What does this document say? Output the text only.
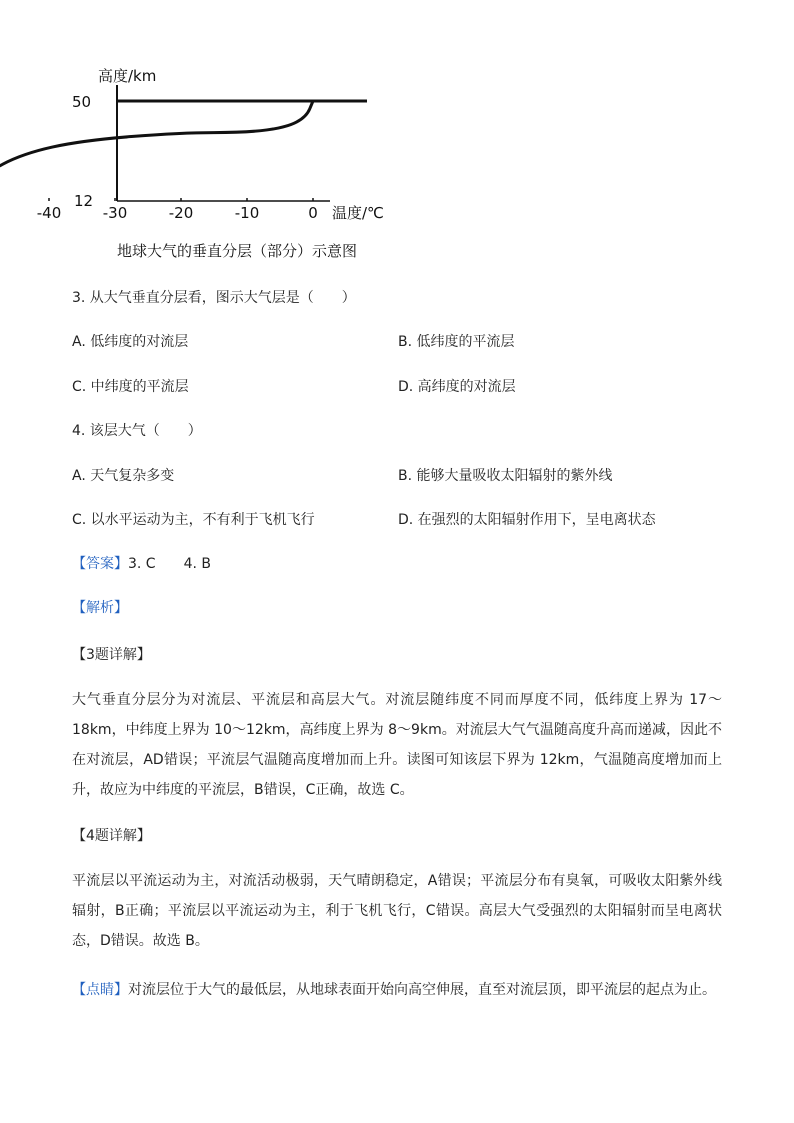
高度/km
50
12
-40	-30	-20	-10	0 温度/℃
地球大气的垂直分层（部分）示意图
3. 从大气垂直分层看，图示大气层是（　　）
A. 低纬度的对流层	B. 低纬度的平流层
C. 中纬度的平流层	D. 高纬度的对流层
4. 该层大气（　　）
A. 天气复杂多变	B. 能够大量吸收太阳辐射的紫外线
C. 以水平运动为主，不有利于飞机飞行	D. 在强烈的太阳辐射作用下，呈电离状态
【答案】3. C　　4. B
【解析】
【3题详解】
大气垂直分层分为对流层、平流层和高层大气。对流层随纬度不同而厚度不同，低纬度上界为 17～18km，中纬度上界为 10～12km，高纬度上界为 8～9km。对流层大气气温随高度升高而递减，因此不在对流层，AD错误；平流层气温随高度增加而上升。读图可知该层下界为 12km，气温随高度增加而上升，故应为中纬度的平流层，B错误，C正确，故选 C。
【4题详解】
平流层以平流运动为主，对流活动极弱，天气晴朗稳定，A错误；平流层分布有臭氧，可吸收太阳紫外线辐射，B正确；平流层以平流运动为主，利于飞机飞行，C错误。高层大气受强烈的太阳辐射而呈电离状态，D错误。故选 B。
【点睛】对流层位于大气的最低层，从地球表面开始向高空伸展，直至对流层顶，即平流层的起点为止。
